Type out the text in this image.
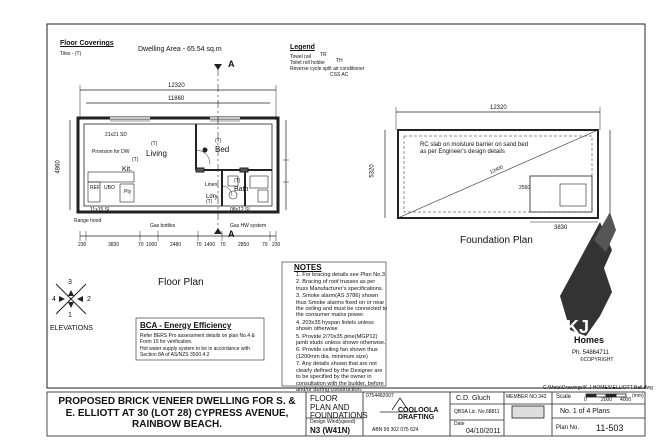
Floor Coverings
Tiles - (T)
Dwelling Area - 65.54 sq.m
A
A
Legend
Towel rail
Toilet roll holder
Reverse cycle split air conditioner
TR
TH
CSS AC
12320
11860
4860
21x21 SD
Living
(T)
Bed
(T)
Kit.
(T)
Bath
(T)
Linen
Ldry
(T)
Provision for DW
REF UBO
Pty
11x15 SI	08x12 SI
Range hood
Gas bottles	Gas HW system
230	3830	70 1000	2480	70 1400 70 2850	70 230
Floor Plan
12320
5320	12400
3830
2560
RC slab on moisture barrier on sand bed as per Engineer's design details
Foundation Plan
3
4	2
1
ELEVATIONS	BCA - Energy Efficiency
Refer BERS Pro assessment details on plan No.4 & Form 15 for verification.
Hot water supply system to be in accordance with Section 8A of AS/NZS 3500.4.2
NOTES
1. For bracing details see Plan No.3
2. Bracing of roof trusses as per truss Manufacturer's specifications.
3. Smoke alarm(AS 3786) shown thus Smoke alarms fixed on or near the ceiling and must be connected to the consumer mains power.
4. 203x35 hyspan lintels unless shown otherwise
5. Provide 2/70x35 pine(MGP12) jamb studs unless shown otherwise.
6. Provide ceiling fan shown thus (1200mm dia. minimum size)
7. Any details shown that are not clearly defined by the Designer are to be specified by the owner in consultation with the builder, before and/or during construction.
KJ
Homes
Ph. 54864711
©COPYRIGHT
C:\Meta\Drawings\K.J HOMES\ELLIOTT Ball.dwg
PROPOSED BRICK VENEER DWELLING FOR S. & E. ELLIOTT AT 30 (LOT 28) CYPRESS AVENUE, RAINBOW BEACH.
FLOOR PLAN AND FOUNDATIONS
Design Wind(speed)
N3 (W41N)
0754482007
COOLOOLA DRAFTING
ABN 99 302 075 624
C.D. Gluch
QBSA Lic. No.68811
Date
04/10/2011
MEMBER NO.342 Scale	0	2000 4000
(mm)
No. 1 of 4 Plans
Plan No. 11-503
